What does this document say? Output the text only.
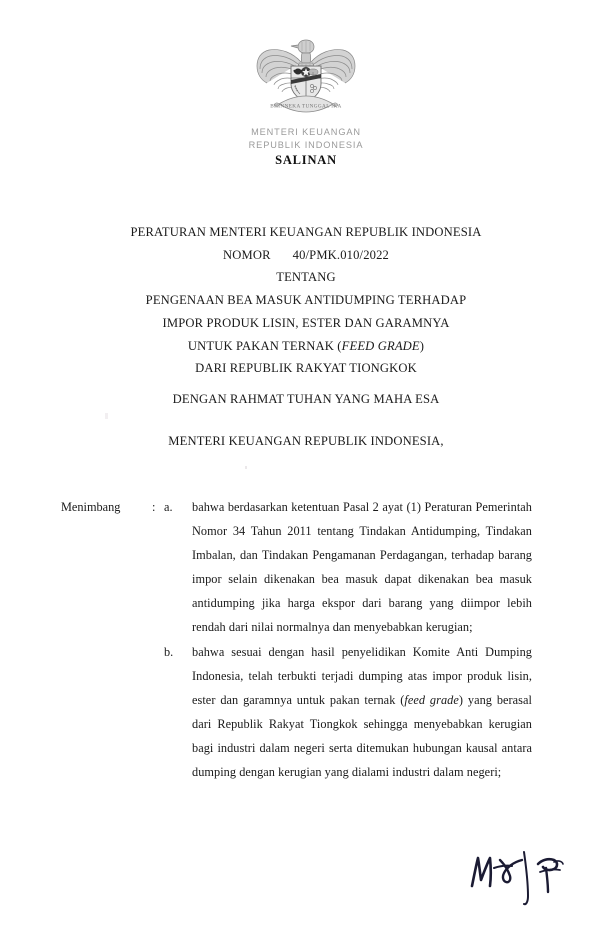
BHINNEKA TUNGGAL IKA
MENTERI KEUANGAN
REPUBLIK INDONESIA
SALINAN
PERATURAN MENTERI KEUANGAN REPUBLIK INDONESIA
NOMOR 40/PMK.010/2022
TENTANG
PENGENAAN BEA MASUK ANTIDUMPING TERHADAP
IMPOR PRODUK LISIN, ESTER DAN GARAMNYA
UNTUK PAKAN TERNAK (FEED GRADE)
DARI REPUBLIK RAKYAT TIONGKOK
DENGAN RAHMAT TUHAN YANG MAHA ESA
MENTERI KEUANGAN REPUBLIK INDONESIA,
Menimbang	: a. bahwa berdasarkan ketentuan Pasal 2 ayat (1) Peraturan Pemerintah Nomor 34 Tahun 2011 tentang Tindakan Antidumping, Tindakan Imbalan, dan Tindakan Pengamanan Perdagangan, terhadap barang impor selain dikenakan bea masuk dapat dikenakan bea masuk antidumping jika harga ekspor dari barang yang diimpor lebih rendah dari nilai normalnya dan menyebabkan kerugian;
b. bahwa sesuai dengan hasil penyelidikan Komite Anti Dumping Indonesia, telah terbukti terjadi dumping atas impor produk lisin, ester dan garamnya untuk pakan ternak (feed grade) yang berasal dari Republik Rakyat Tiongkok sehingga menyebabkan kerugian bagi industri dalam negeri serta ditemukan hubungan kausal antara dumping dengan kerugian yang dialami industri dalam negeri;
